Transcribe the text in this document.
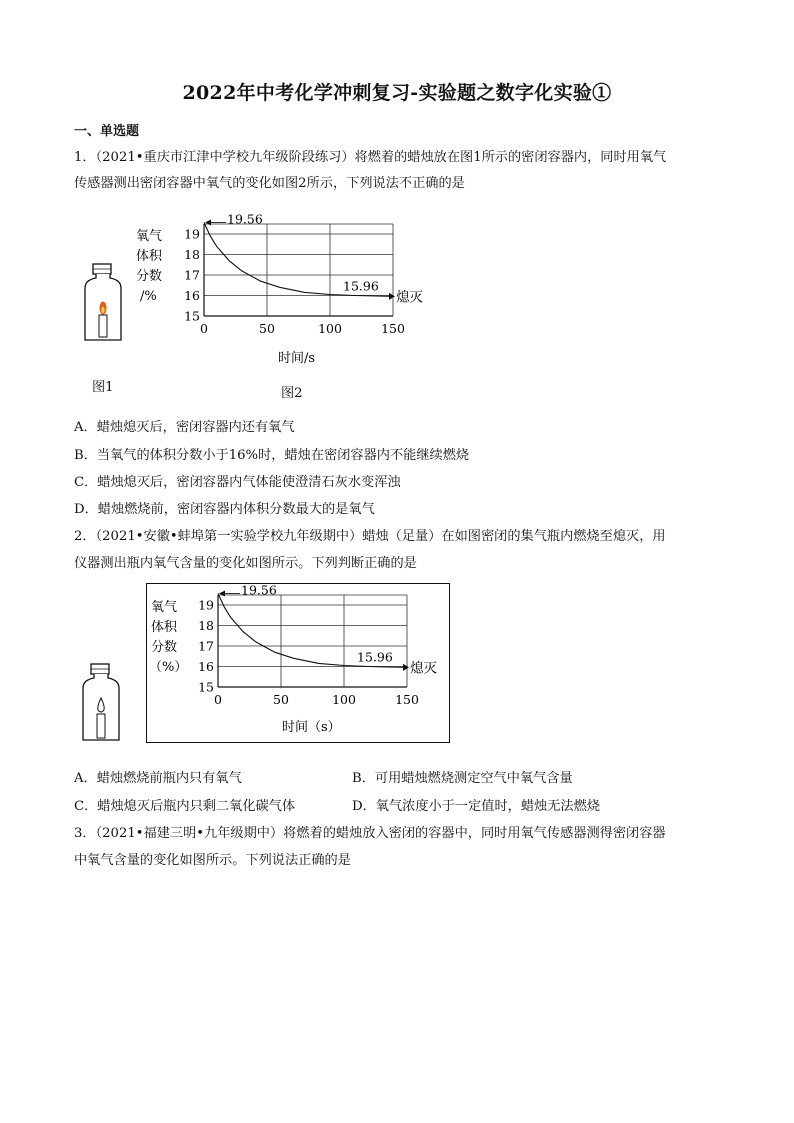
2022年中考化学冲刺复习-实验题之数字化实验①
一、单选题
1．（2021•重庆市江津中学校九年级阶段练习）将燃着的蜡烛放在图1所示的密闭容器内，同时用氧气
传感器测出密闭容器中氧气的变化如图2所示，下列说法不正确的是
图1
氧气
体积
分数
/%
15
16
17
18
19
0	50	100	150
19.56
15.96
熄灭
时间/s
图2
A．蜡烛熄灭后，密闭容器内还有氧气
B．当氧气的体积分数小于16%时，蜡烛在密闭容器内不能继续燃烧
C．蜡烛熄灭后，密闭容器内气体能使澄清石灰水变浑浊
D．蜡烛燃烧前，密闭容器内体积分数最大的是氧气
2．（2021•安徽•蚌埠第一实验学校九年级期中）蜡烛（足量）在如图密闭的集气瓶内燃烧至熄灭，用
仪器测出瓶内氧气含量的变化如图所示。下列判断正确的是
氧气
体积
分数
（%）
15
16
17
18
19
0	50	100	150
19.56
15.96
熄灭
时间（s）
A．蜡烛燃烧前瓶内只有氧气	B．可用蜡烛燃烧测定空气中氧气含量
C．蜡烛熄灭后瓶内只剩二氧化碳气体	D．氧气浓度小于一定值时，蜡烛无法燃烧
3．（2021•福建三明•九年级期中）将燃着的蜡烛放入密闭的容器中，同时用氧气传感器测得密闭容器
中氧气含量的变化如图所示。下列说法正确的是
